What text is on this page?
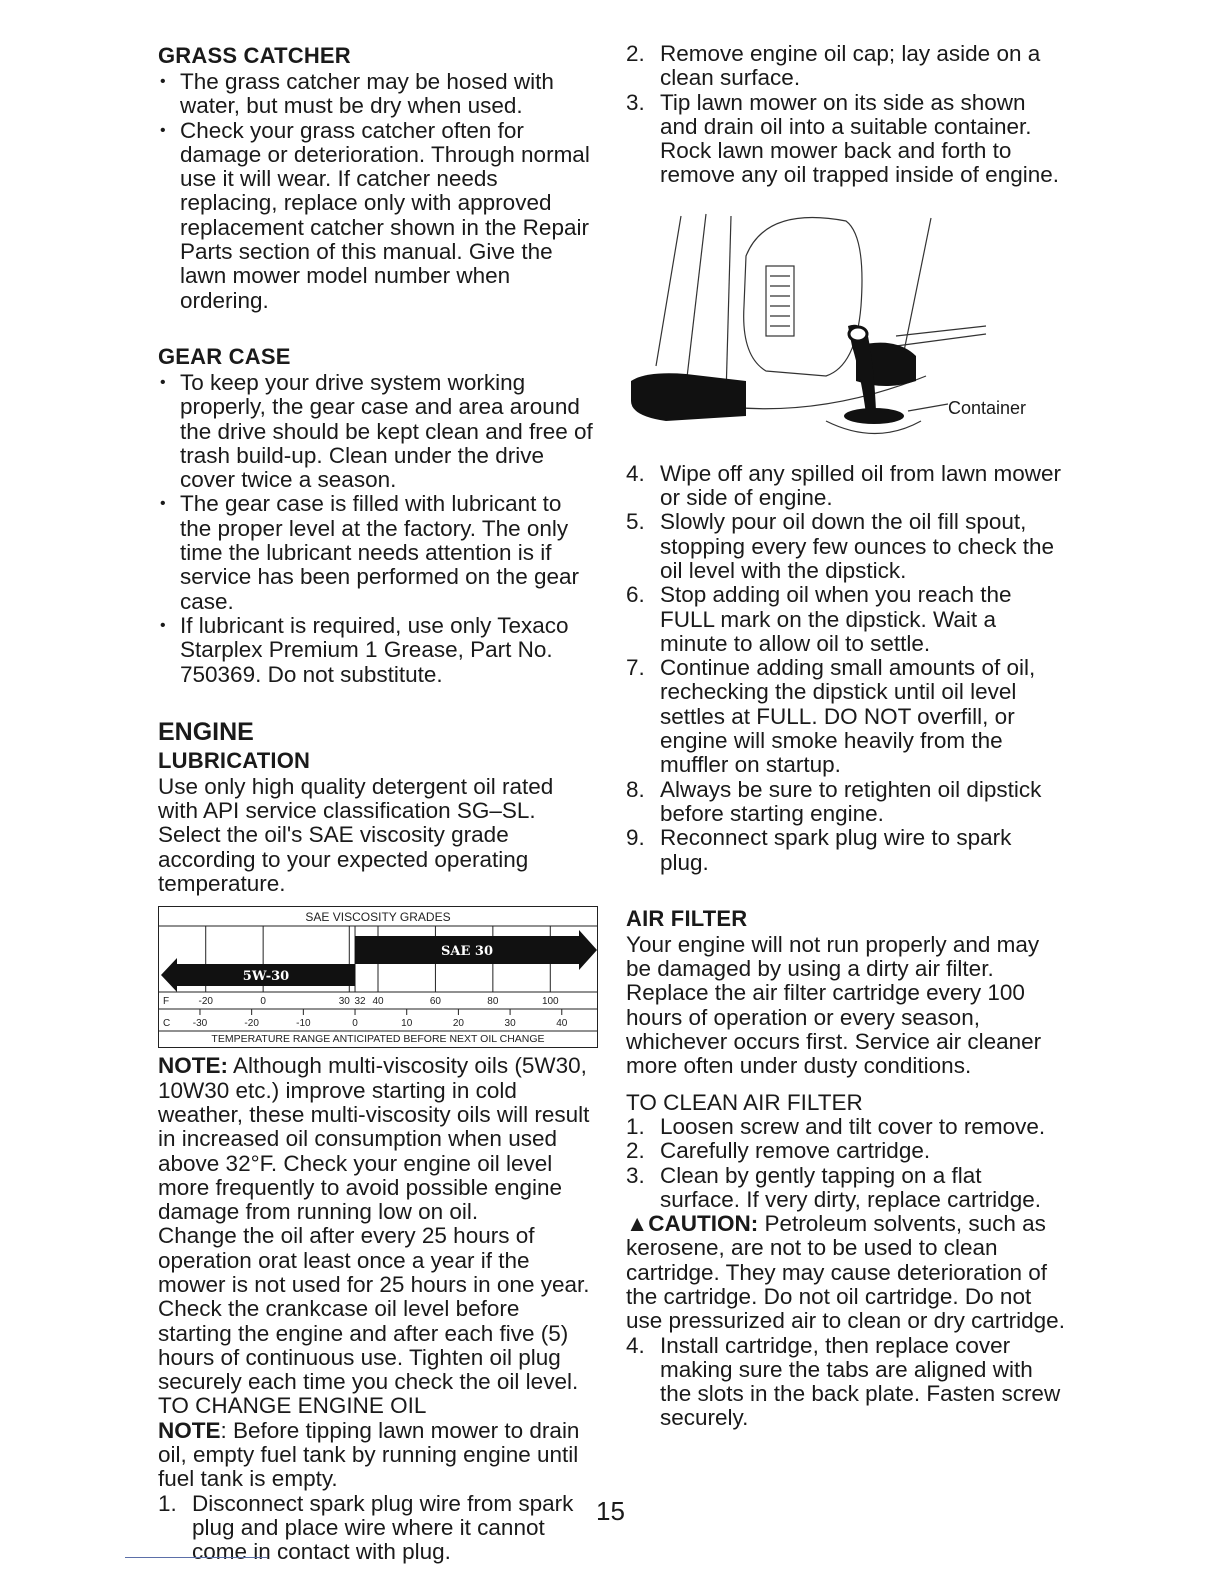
GRASS CATCHER
• The grass catcher may be hosed with water, but must be dry when used.
• Check your grass catcher often for damage or deterioration. Through normal use it will wear. If catcher needs replacing, replace only with approved replacement catcher shown in the Repair Parts section of this manual. Give the lawn mower model number when ordering.
GEAR CASE
• To keep your drive system working properly, the gear case and area around the drive should be kept clean and free of trash build-up. Clean under the drive cover twice a season.
• The gear case is filled with lubricant to the proper level at the factory. The only time the lubricant needs attention is if service has been performed on the gear case.
• If lubricant is required, use only Texaco Starplex Premium 1 Grease, Part No. 750369. Do not substitute.
ENGINE
LUBRICATION

Use only high quality detergent oil rated with API service classification SG–SL. Select the oil's SAE viscosity grade according to your expected operating temperature.

SAE VISCOSITY GRADES
5W-30
SAE 30
F	-20	0	30 32 40	60	80	100
C -30	-20	-10	0	10	20	30	40
TEMPERATURE RANGE ANTICIPATED BEFORE NEXT OIL CHANGE

NOTE: Although multi-viscosity oils (5W30, 10W30 etc.) improve starting in cold weather, these multi-viscosity oils will result in increased oil consumption when used above 32°F. Check your engine oil level more frequently to avoid possible engine damage from running low on oil.

Change the oil after every 25 hours of operation orat least once a year if the mower is not used for 25 hours in one year.

Check the crankcase oil level before starting the engine and after each five (5) hours of continuous use. Tighten oil plug securely each time you check the oil level.

TO CHANGE ENGINE OIL

NOTE: Before tipping lawn mower to drain oil, empty fuel tank by running engine until fuel tank is empty.

1. Disconnect spark plug wire from spark plug and place wire where it cannot come in contact with plug.
2. Remove engine oil cap; lay aside on a clean surface.
3. Tip lawn mower on its side as shown and drain oil into a suitable container. Rock lawn mower back and forth to remove any oil trapped inside of engine.
Container
4. Wipe off any spilled oil from lawn mower or side of engine.
5. Slowly pour oil down the oil fill spout, stopping every few ounces to check the oil level with the dipstick.
6. Stop adding oil when you reach the FULL mark on the dipstick. Wait a minute to allow oil to settle.
7. Continue adding small amounts of oil, rechecking the dipstick until oil level settles at FULL. DO NOT overfill, or engine will smoke heavily from the muffler on startup.
8. Always be sure to retighten oil dipstick before starting engine.
9. Reconnect spark plug wire to spark plug.
AIR FILTER

Your engine will not run properly and may be damaged by using a dirty air filter. Replace the air filter cartridge every 100 hours of operation or every season, whichever occurs first. Service air cleaner more often under dusty conditions.

TO CLEAN AIR FILTER

1. Loosen screw and tilt cover to remove.
2. Carefully remove cartridge.
3. Clean by gently tapping on a flat surface. If very dirty, replace cartridge.

▲CAUTION: Petroleum solvents, such as kerosene, are not to be used to clean cartridge. They may cause deterioration of the cartridge. Do not oil cartridge. Do not use pressurized air to clean or dry cartridge.

4. Install cartridge, then replace cover making sure the tabs are aligned with the slots in the back plate. Fasten screw securely.
15
